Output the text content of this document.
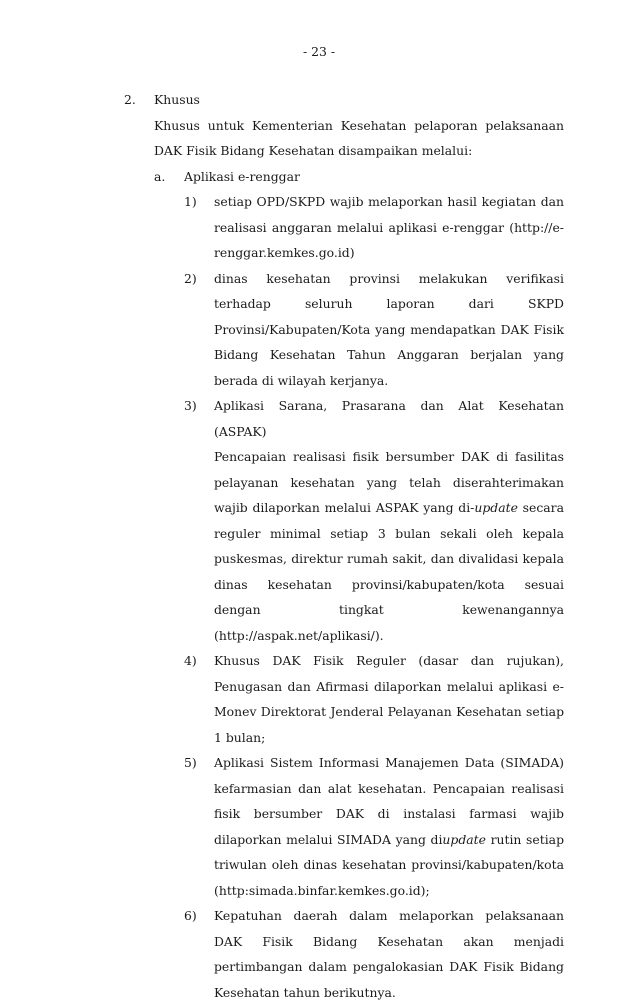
- 23 -
2.	Khusus
Khusus untuk Kementerian Kesehatan pelaporan pelaksanaan DAK Fisik Bidang Kesehatan disampaikan melalui:
a.	Aplikasi e-renggar
1)	setiap OPD/SKPD wajib melaporkan hasil kegiatan dan realisasi anggaran melalui aplikasi e-renggar (http://e-renggar.kemkes.go.id)
2)	dinas kesehatan provinsi melakukan verifikasi terhadap seluruh laporan dari SKPD Provinsi/Kabupaten/Kota yang mendapatkan DAK Fisik Bidang Kesehatan Tahun Anggaran berjalan yang berada di wilayah kerjanya.
3)	Aplikasi Sarana, Prasarana dan Alat Kesehatan (ASPAK)
Pencapaian realisasi fisik bersumber DAK di fasilitas pelayanan kesehatan yang telah diserahterimakan wajib dilaporkan melalui ASPAK yang di-update secara reguler minimal setiap 3 bulan sekali oleh kepala puskesmas, direktur rumah sakit, dan divalidasi kepala dinas kesehatan provinsi/kabupaten/kota sesuai dengan tingkat kewenangannya (http://aspak.net/aplikasi/).
4)	Khusus DAK Fisik Reguler (dasar dan rujukan), Penugasan dan Afirmasi dilaporkan melalui aplikasi e-Monev Direktorat Jenderal Pelayanan Kesehatan setiap 1 bulan;
5)	Aplikasi Sistem Informasi Manajemen Data (SIMADA) kefarmasian dan alat kesehatan. Pencapaian realisasi fisik bersumber DAK di instalasi farmasi wajib dilaporkan melalui SIMADA yang diupdate rutin setiap triwulan oleh dinas kesehatan provinsi/kabupaten/kota (http:simada.binfar.kemkes.go.id);
6)	Kepatuhan daerah dalam melaporkan pelaksanaan DAK Fisik Bidang Kesehatan akan menjadi pertimbangan dalam pengalokasian DAK Fisik Bidang Kesehatan tahun berikutnya.
